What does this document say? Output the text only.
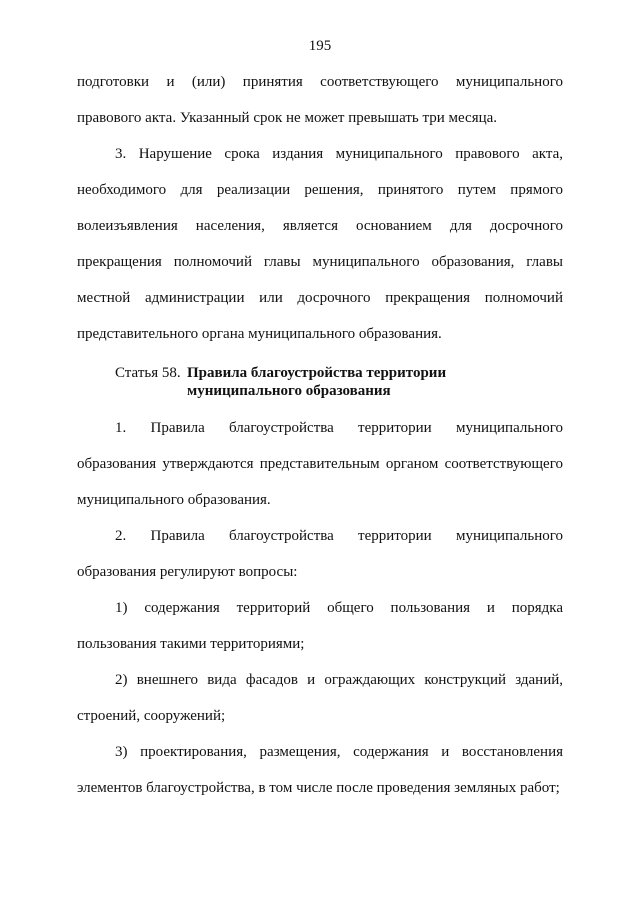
195
подготовки и (или) принятия соответствующего муниципального
правового акта. Указанный срок не может превышать три месяца.
3. Нарушение срока издания муниципального правового акта,
необходимого для реализации решения, принятого путем прямого
волеизъявления населения, является основанием для досрочного
прекращения полномочий главы муниципального образования, главы
местной администрации или досрочного прекращения полномочий
представительного органа муниципального образования.
Статья 58. Правила благоустройства территории
муниципального образования
1. Правила благоустройства территории муниципального
образования утверждаются представительным органом соответствующего
муниципального образования.
2. Правила благоустройства территории муниципального
образования регулируют вопросы:
1) содержания территорий общего пользования и порядка
пользования такими территориями;
2) внешнего вида фасадов и ограждающих конструкций зданий,
строений, сооружений;
3) проектирования, размещения, содержания и восстановления
элементов благоустройства, в том числе после проведения земляных работ;
